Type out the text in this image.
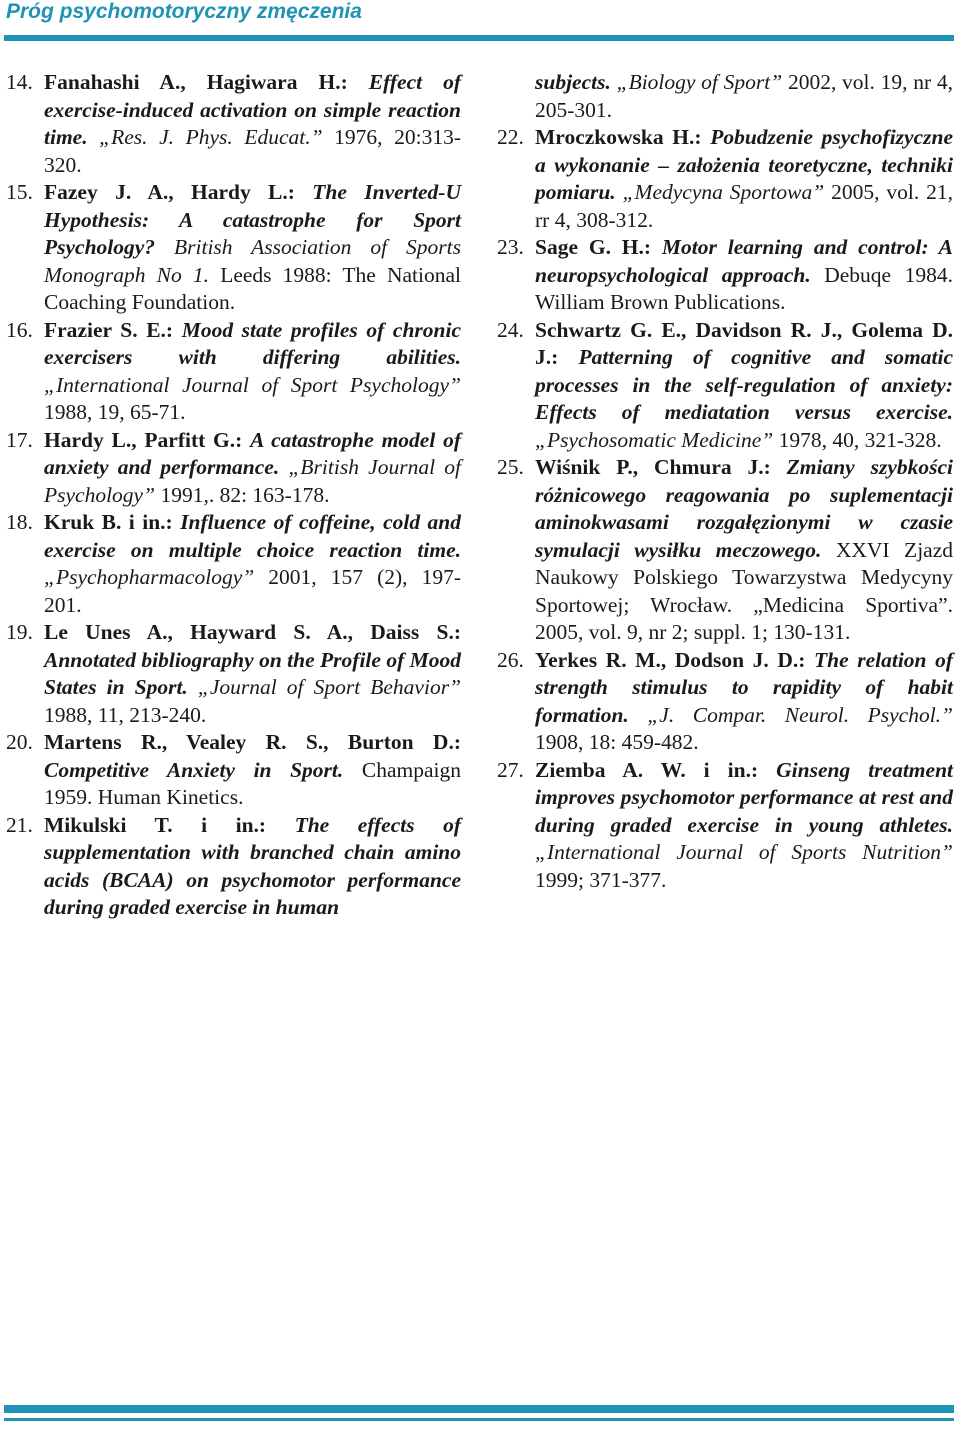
Próg psychomotoryczny zmęczenia
14. Fanahashi A., Hagiwara H.: Effect of exercise-induced activation on simple reaction time. „Res. J. Phys. Educat.” 1976, 20:313-320.
15. Fazey J. A., Hardy L.: The Inverted-U Hypothesis: A catastrophe for Sport Psychology? British Association of Sports Monograph No 1. Leeds 1988: The National Coaching Foundation.
16. Frazier S. E.: Mood state profiles of chronic exercisers with differing abilities. „International Journal of Sport Psychology” 1988, 19, 65-71.
17. Hardy L., Parfitt G.: A catastrophe model of anxiety and performance. „British Journal of Psychology” 1991,. 82: 163-178.
18. Kruk B. i in.: Influence of coffeine, cold and exercise on multiple choice reaction time. „Psychopharmacology” 2001, 157 (2), 197-201.
19. Le Unes A., Hayward S. A., Daiss S.: Annotated bibliography on the Profile of Mood States in Sport. „Journal of Sport Behavior” 1988, 11, 213-240.
20. Martens R., Vealey R. S., Burton D.: Competitive Anxiety in Sport. Champaign 1959. Human Kinetics.
21. Mikulski T. i in.: The effects of supplementation with branched chain amino acids (BCAA) on psychomotor performance during graded exercise in human
subjects. „Biology of Sport” 2002, vol. 19, nr 4, 205-301.
22. Mroczkowska H.: Pobudzenie psychofizyczne a wykonanie – założenia teoretyczne, techniki pomiaru. „Medycyna Sportowa” 2005, vol. 21, rr 4, 308-312.
23. Sage G. H.: Motor learning and control: A neuropsychological approach. Debuqe 1984. William Brown Publications.
24. Schwartz G. E., Davidson R. J., Golema D. J.: Patterning of cognitive and somatic processes in the self-regulation of anxiety: Effects of mediatation versus exercise. „Psychosomatic Medicine” 1978, 40, 321-328.
25. Wiśnik P., Chmura J.: Zmiany szybkości różnicowego reagowania po suplementacji aminokwasami rozgałęzionymi w czasie symulacji wysiłku meczowego. XXVI Zjazd Naukowy Polskiego Towarzystwa Medycyny Sportowej; Wrocław. „Medicina Sportiva”. 2005, vol. 9, nr 2; suppl. 1; 130-131.
26. Yerkes R. M., Dodson J. D.: The relation of strength stimulus to rapidity of habit formation. „J. Compar. Neurol. Psychol.” 1908, 18: 459-482.
27. Ziemba A. W. i in.: Ginseng treatment improves psychomotor performance at rest and during graded exercise in young athletes. „International Journal of Sports Nutrition” 1999; 371-377.
